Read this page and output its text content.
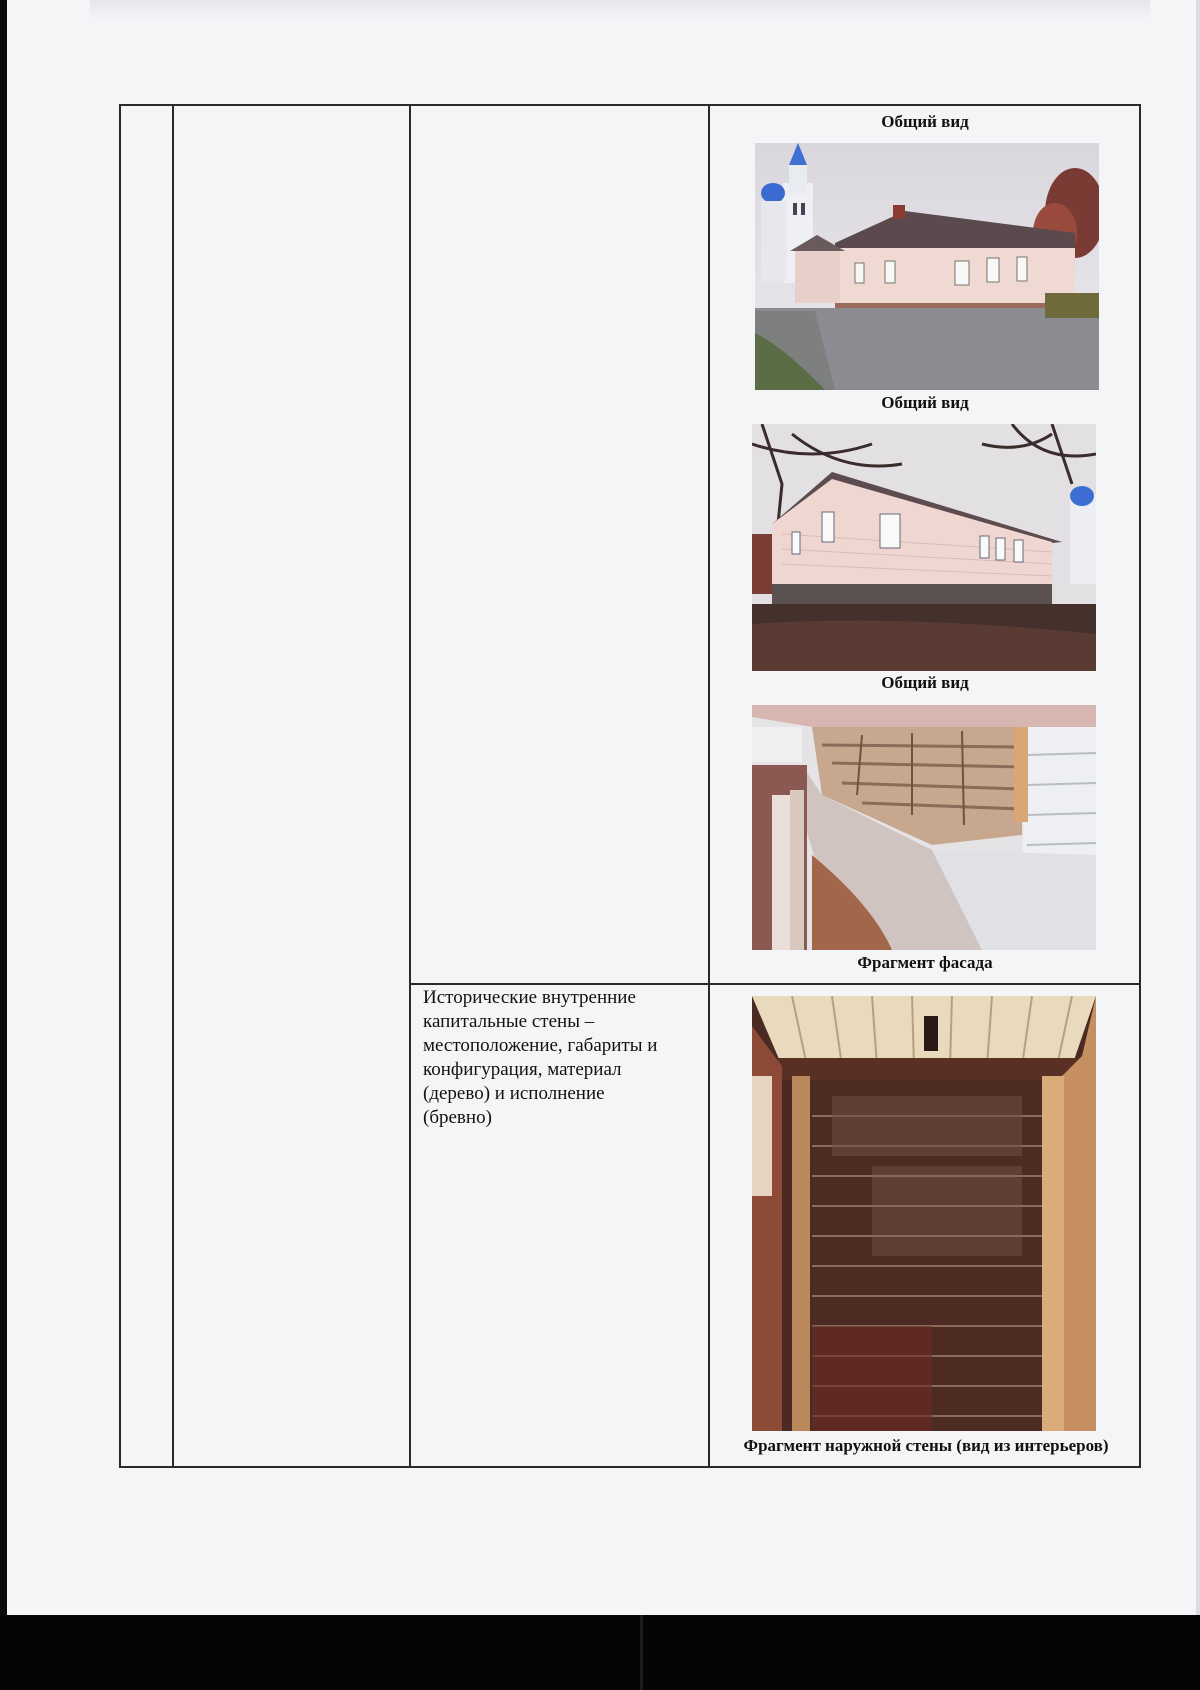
Общий вид
Общий вид
Общий вид
Фрагмент фасада
Исторические внутренние
капитальные стены –
местоположение, габариты и
конфигурация, материал
(дерево) и исполнение
(бревно)
Фрагмент наружной стены (вид из интерьеров)
